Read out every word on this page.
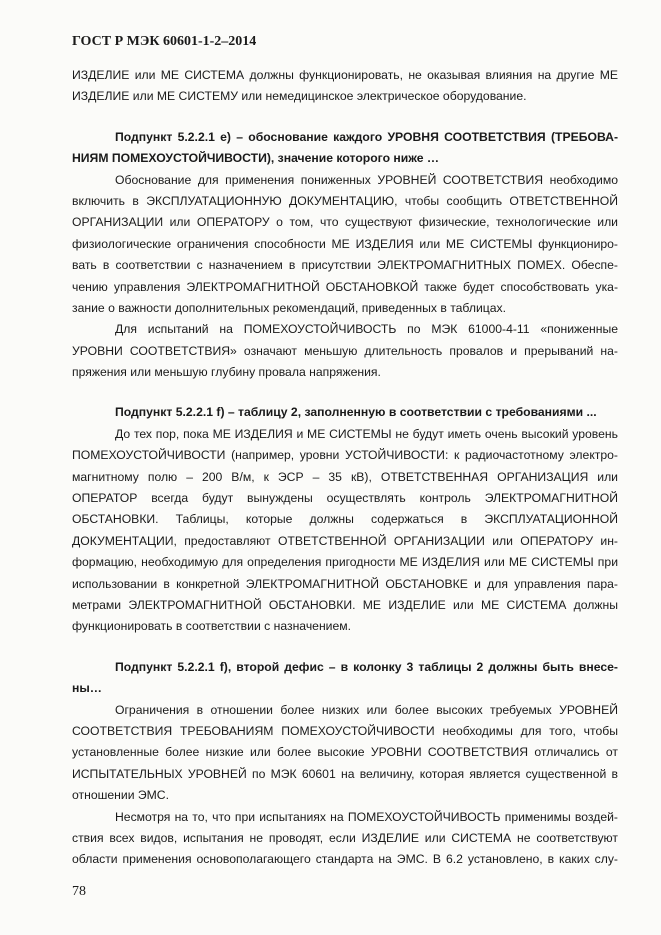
ГОСТ Р МЭК 60601-1-2–2014
ИЗДЕЛИЕ или МЕ СИСТЕМА должны функционировать, не оказывая влияния на другие МЕ
ИЗДЕЛИЕ или МЕ СИСТЕМУ или немедицинское электрическое оборудование.
Подпункт 5.2.2.1 е) – обоснование каждого УРОВНЯ СООТВЕТСТВИЯ (ТРЕБОВА-
НИЯМ ПОМЕХОУСТОЙЧИВОСТИ), значение которого ниже …
Обоснование для применения пониженных УРОВНЕЙ СООТВЕТСТВИЯ необходимо
включить в ЭКСПЛУАТАЦИОННУЮ ДОКУМЕНТАЦИЮ, чтобы сообщить ОТВЕТСТВЕННОЙ
ОРГАНИЗАЦИИ или ОПЕРАТОРУ о том, что существуют физические, технологические или
физиологические ограничения способности МЕ ИЗДЕЛИЯ или МЕ СИСТЕМЫ функциониро-
вать в соответствии с назначением в присутствии ЭЛЕКТРОМАГНИТНЫХ ПОМЕХ. Обеспе-
чению управления ЭЛЕКТРОМАГНИТНОЙ ОБСТАНОВКОЙ также будет способствовать ука-
зание о важности дополнительных рекомендаций, приведенных в таблицах.
Для испытаний на ПОМЕХОУСТОЙЧИВОСТЬ по МЭК 61000-4-11 «пониженные
УРОВНИ СООТВЕТСТВИЯ» означают меньшую длительность провалов и прерываний на-
пряжения или меньшую глубину провала напряжения.
Подпункт 5.2.2.1 f) – таблицу 2, заполненную в соответствии с требованиями ...
До тех пор, пока МЕ ИЗДЕЛИЯ и МЕ СИСТЕМЫ не будут иметь очень высокий уровень
ПОМЕХОУСТОЙЧИВОСТИ (например, уровни УСТОЙЧИВОСТИ: к радиочастотному электро-
магнитному полю – 200 В/м, к ЭСР – 35 кВ), ОТВЕТСТВЕННАЯ ОРГАНИЗАЦИЯ или
ОПЕРАТОР всегда будут вынуждены осуществлять контроль ЭЛЕКТРОМАГНИТНОЙ
ОБСТАНОВКИ. Таблицы, которые должны содержаться в ЭКСПЛУАТАЦИОННОЙ
ДОКУМЕНТАЦИИ, предоставляют ОТВЕТСТВЕННОЙ ОРГАНИЗАЦИИ или ОПЕРАТОРУ ин-
формацию, необходимую для определения пригодности МЕ ИЗДЕЛИЯ или МЕ СИСТЕМЫ при
использовании в конкретной ЭЛЕКТРОМАГНИТНОЙ ОБСТАНОВКЕ и для управления пара-
метрами ЭЛЕКТРОМАГНИТНОЙ ОБСТАНОВКИ. МЕ ИЗДЕЛИЕ или МЕ СИСТЕМА должны
функционировать в соответствии с назначением.
Подпункт 5.2.2.1 f), второй дефис – в колонку 3 таблицы 2 должны быть внесе-
ны…
Ограничения в отношении более низких или более высоких требуемых УРОВНЕЙ
СООТВЕТСТВИЯ ТРЕБОВАНИЯМ ПОМЕХОУСТОЙЧИВОСТИ необходимы для того, чтобы
установленные более низкие или более высокие УРОВНИ СООТВЕТСТВИЯ отличались от
ИСПЫТАТЕЛЬНЫХ УРОВНЕЙ по МЭК 60601 на величину, которая является существенной в
отношении ЭМС.
Несмотря на то, что при испытаниях на ПОМЕХОУСТОЙЧИВОСТЬ применимы воздей-
ствия всех видов, испытания не проводят, если ИЗДЕЛИЕ или СИСТЕМА не соответствуют
области применения основополагающего стандарта на ЭМС. В 6.2 установлено, в каких слу-
78
